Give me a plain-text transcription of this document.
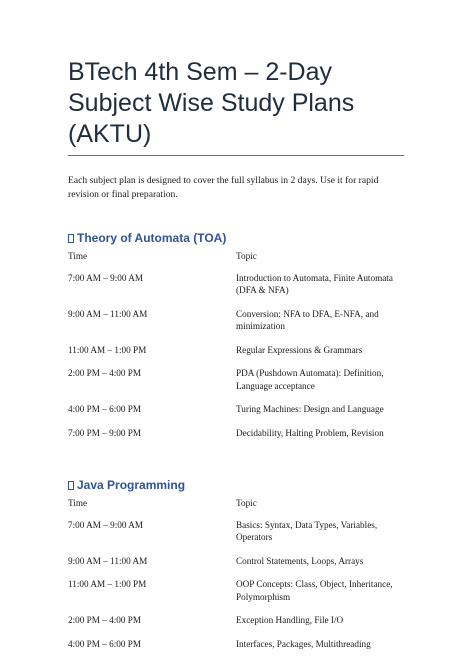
BTech 4th Sem – 2-Day Subject Wise Study Plans (AKTU)
Each subject plan is designed to cover the full syllabus in 2 days. Use it for rapid revision or final preparation.
Theory of Automata (TOA)
Time	Topic
7:00 AM – 9:00 AM	Introduction to Automata, Finite Automata (DFA & NFA)
9:00 AM – 11:00 AM	Conversion: NFA to DFA, E-NFA, and minimization
11:00 AM – 1:00 PM	Regular Expressions & Grammars
2:00 PM – 4:00 PM	PDA (Pushdown Automata): Definition, Language acceptance
4:00 PM – 6:00 PM	Turing Machines: Design and Language
7:00 PM – 9:00 PM	Decidability, Halting Problem, Revision
Java Programming
Time	Topic
7:00 AM – 9:00 AM	Basics: Syntax, Data Types, Variables, Operators
9:00 AM – 11:00 AM	Control Statements, Loops, Arrays
11:00 AM – 1:00 PM	OOP Concepts: Class, Object, Inheritance, Polymorphism
2:00 PM – 4:00 PM	Exception Handling, File I/O
4:00 PM – 6:00 PM	Interfaces, Packages, Multithreading
